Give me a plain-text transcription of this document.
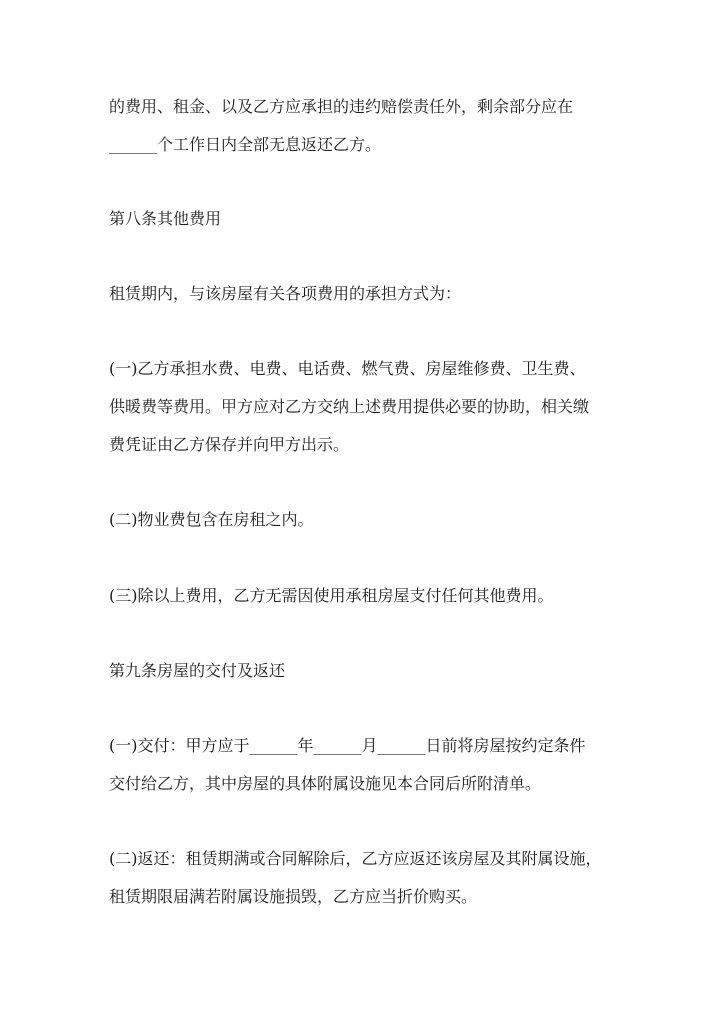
的费用、租金、以及乙方应承担的违约赔偿责任外，剩余部分应在
______个工作日内全部无息返还乙方。

第八条其他费用

租赁期内，与该房屋有关各项费用的承担方式为：

(一)乙方承担水费、电费、电话费、燃气费、房屋维修费、卫生费、
供暖费等费用。甲方应对乙方交纳上述费用提供必要的协助，相关缴
费凭证由乙方保存并向甲方出示。

(二)物业费包含在房租之内。

(三)除以上费用，乙方无需因使用承租房屋支付任何其他费用。

第九条房屋的交付及返还

(一)交付：甲方应于______年______月______日前将房屋按约定条件
交付给乙方，其中房屋的具体附属设施见本合同后所附清单。

(二)返还：租赁期满或合同解除后，乙方应返还该房屋及其附属设施，
租赁期限届满若附属设施损毁，乙方应当折价购买。
